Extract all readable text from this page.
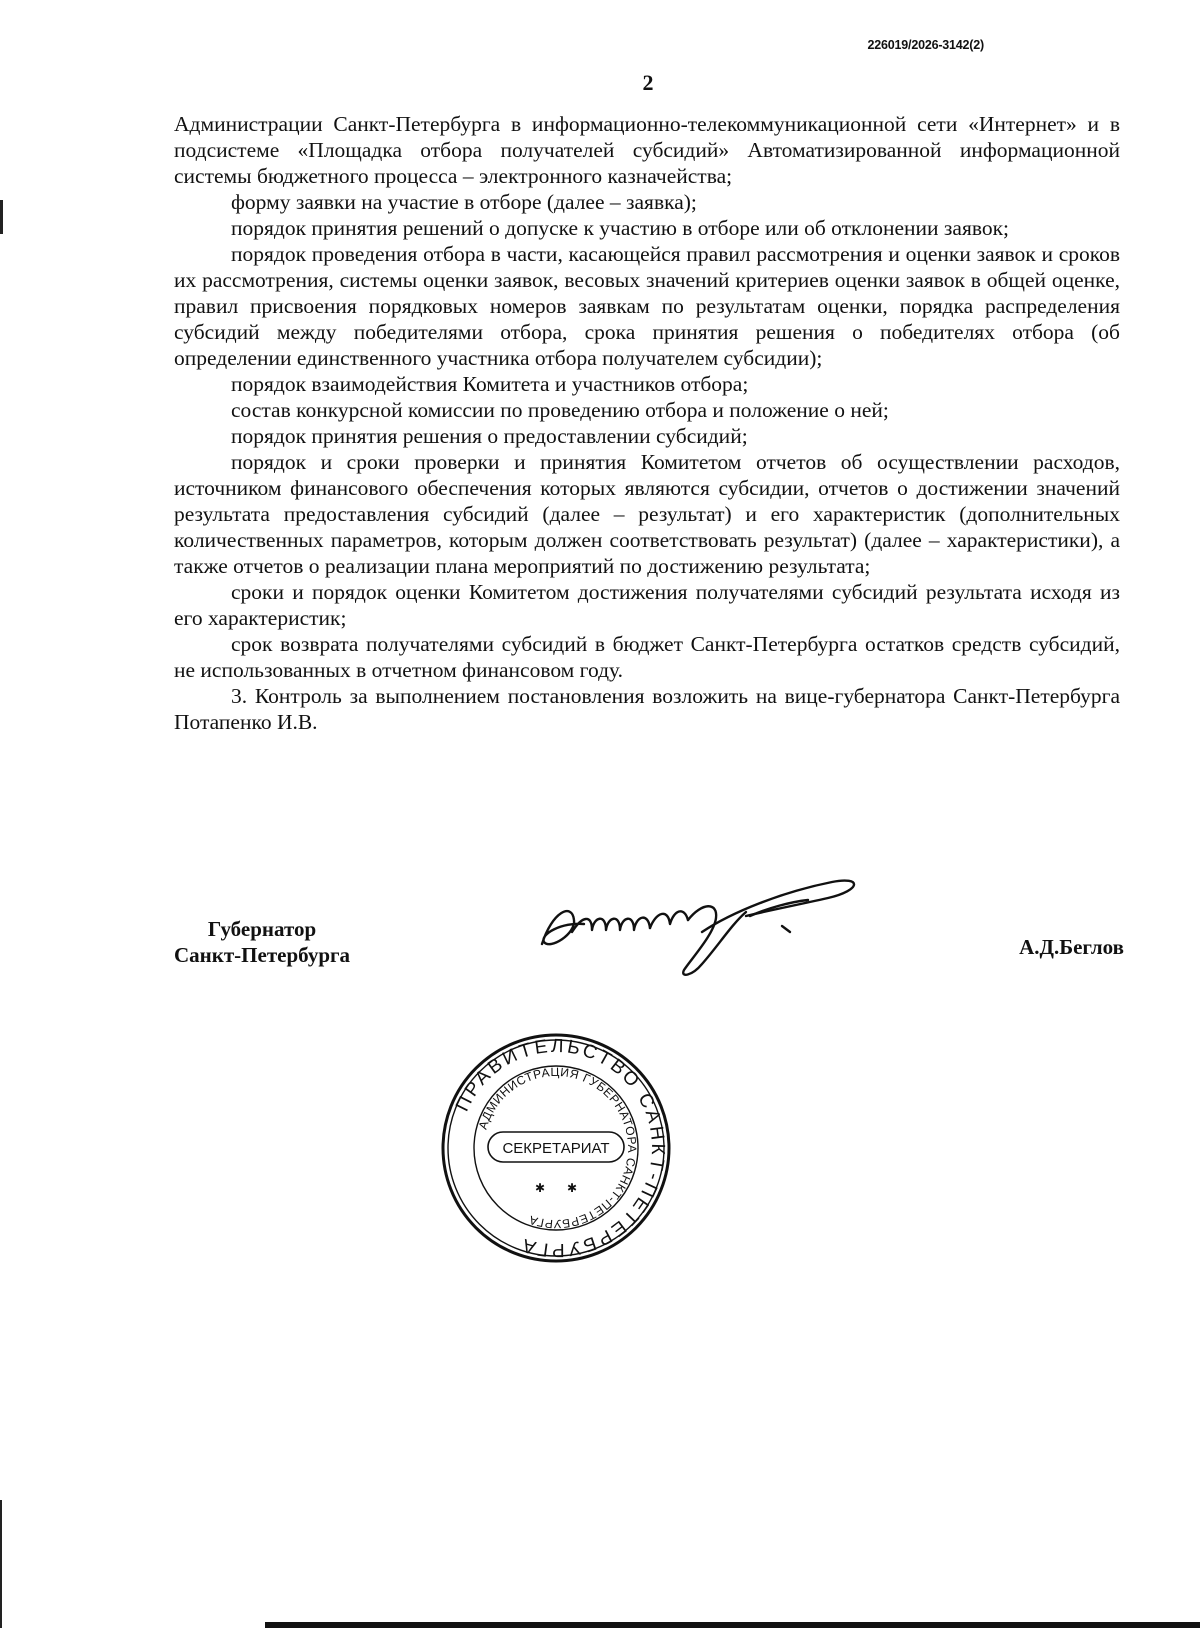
226019/2026-3142(2)
2

Администрации Санкт-Петербурга в информационно-телекоммуникационной сети «Интернет» и в подсистеме «Площадка отбора получателей субсидий» Автоматизированной информационной системы бюджетного процесса – электронного казначейства;

форму заявки на участие в отборе (далее – заявка);

порядок принятия решений о допуске к участию в отборе или об отклонении заявок;

порядок проведения отбора в части, касающейся правил рассмотрения и оценки заявок и сроков их рассмотрения, системы оценки заявок, весовых значений критериев оценки заявок в общей оценке, правил присвоения порядковых номеров заявкам по результатам оценки, порядка распределения субсидий между победителями отбора, срока принятия решения о победителях отбора (об определении единственного участника отбора получателем субсидии);

порядок взаимодействия Комитета и участников отбора;

состав конкурсной комиссии по проведению отбора и положение о ней;

порядок принятия решения о предоставлении субсидий;

порядок и сроки проверки и принятия Комитетом отчетов об осуществлении расходов, источником финансового обеспечения которых являются субсидии, отчетов о достижении значений результата предоставления субсидий (далее – результат) и его характеристик (дополнительных количественных параметров, которым должен соответствовать результат) (далее – характеристики), а также отчетов о реализации плана мероприятий по достижению результата;

сроки и порядок оценки Комитетом достижения получателями субсидий результата исходя из его характеристик;

срок возврата получателями субсидий в бюджет Санкт-Петербурга остатков средств субсидий, не использованных в отчетном финансовом году.

3. Контроль за выполнением постановления возложить на вице-губернатора Санкт-Петербурга Потапенко И.В.

Губернатор
Санкт-Петербурга	А.Д.Беглов
ПРАВИТЕЛЬСТВО САНКТ-ПЕТЕРБУРГА
АДМИНИСТРАЦИЯ ГУБЕРНАТОРА САНКТ-ПЕТЕРБУРГА
СЕКРЕТАРИАТ
✱ ✱
